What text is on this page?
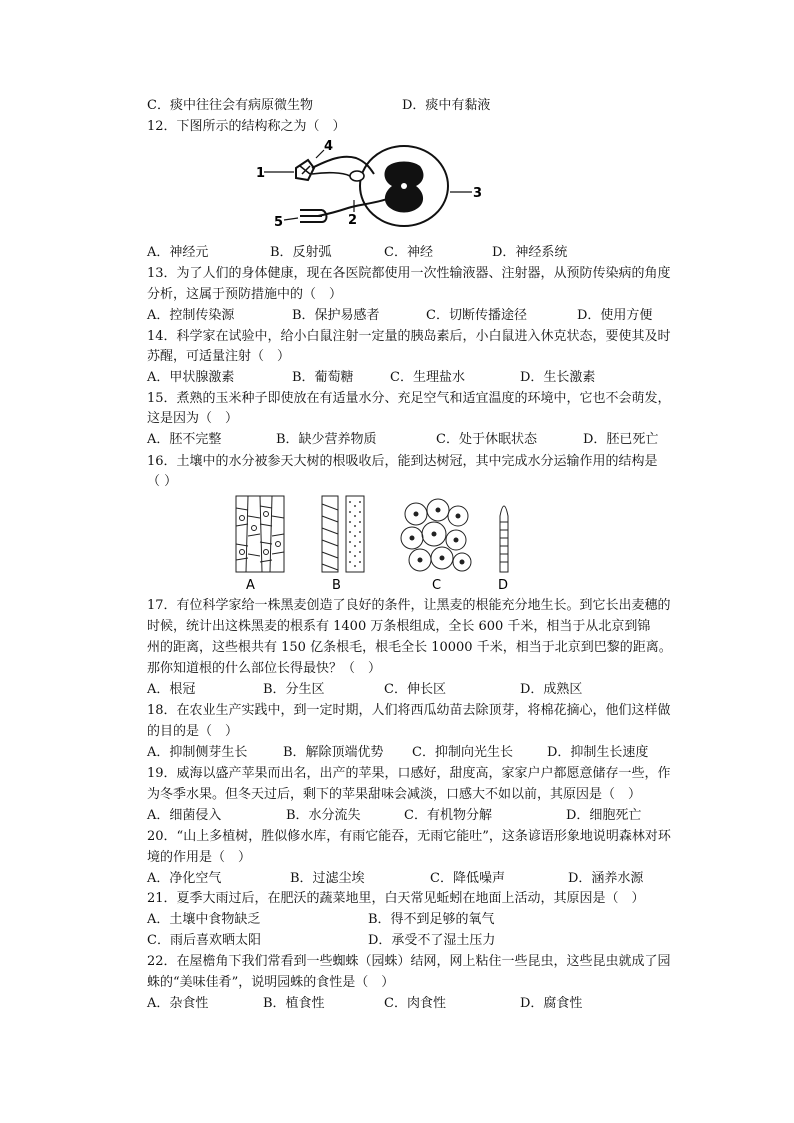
C．痰中往往会有病原微生物	D．痰中有黏液
12．下图所示的结构称之为（　）
1
4
3
5	2
A．神经元	B．反射弧	C．神经	D．神经系统
13．为了人们的身体健康，现在各医院都使用一次性输液器、注射器，从预防传染病的角度
分析，这属于预防措施中的（　）
A．控制传染源	B．保护易感者	C．切断传播途径	D．使用方便
14．科学家在试验中，给小白鼠注射一定量的胰岛素后，小白鼠进入休克状态，要使其及时
苏醒，可适量注射（　）
A．甲状腺激素	B．葡萄糖	C．生理盐水	D．生长激素
15．煮熟的玉米种子即使放在有适量水分、充足空气和适宜温度的环境中，它也不会萌发，
这是因为（　）
A．胚不完整	B．缺少营养物质	C．处于休眠状态	D．胚已死亡
16．土壤中的水分被参天大树的根吸收后，能到达树冠，其中完成水分运输作用的结构是
（ ）
A	B	C	D
17．有位科学家给一株黑麦创造了良好的条件，让黑麦的根能充分地生长。到它长出麦穗的
时候，统计出这株黑麦的根系有 1400 万条根组成，全长 600 千米，相当于从北京到锦
州的距离，这些根共有 150 亿条根毛，根毛全长 10000 千米，相当于北京到巴黎的距离。
那你知道根的什么部位长得最快？（　）
A．根冠	B．分生区	C．伸长区	D．成熟区
18．在农业生产实践中，到一定时期，人们将西瓜幼苗去除顶芽，将棉花摘心，他们这样做
的目的是（　）
A．抑制侧芽生长	B．解除顶端优势 C．抑制向光生长	D．抑制生长速度
19．威海以盛产苹果而出名，出产的苹果，口感好，甜度高，家家户户都愿意储存一些，作
为冬季水果。但冬天过后，剩下的苹果甜味会减淡，口感大不如以前，其原因是（　）
A．细菌侵入	B．水分流失	C．有机物分解	D．细胞死亡
20．“山上多植树，胜似修水库，有雨它能吞，无雨它能吐”，这条谚语形象地说明森林对环
境的作用是（　）
A．净化空气	B．过滤尘埃	C．降低噪声	D．涵养水源
21．夏季大雨过后，在肥沃的蔬菜地里，白天常见蚯蚓在地面上活动，其原因是（　）
A．土壤中食物缺乏	B．得不到足够的氧气
C．雨后喜欢晒太阳	D．承受不了湿土压力
22．在屋檐角下我们常看到一些蜘蛛（园蛛）结网，网上粘住一些昆虫，这些昆虫就成了园
蛛的“美味佳肴”，说明园蛛的食性是（　）
A．杂食性	B．植食性	C．肉食性	D．腐食性
